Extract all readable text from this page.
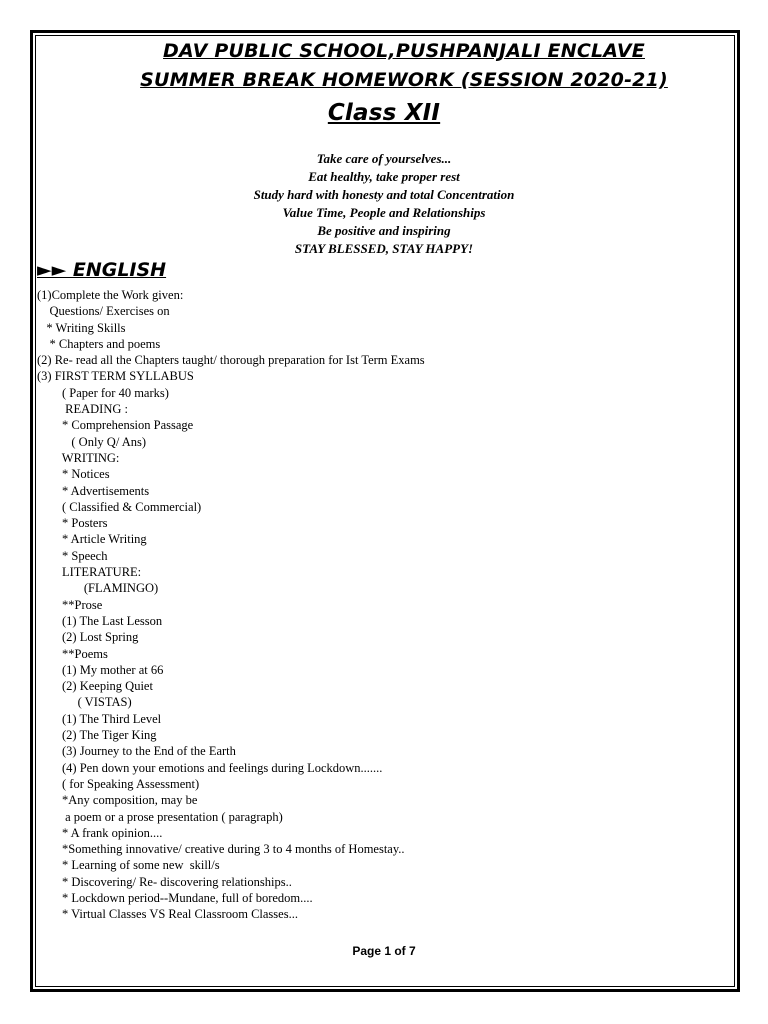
DAV PUBLIC SCHOOL,PUSHPANJALI ENCLAVE
SUMMER BREAK HOMEWORK (SESSION 2020-21)
Class XII
Take care of yourselves...
Eat healthy, take proper rest
Study hard with honesty and total Concentration
Value Time, People and Relationships
Be positive and inspiring
STAY BLESSED, STAY HAPPY!
►► ENGLISH
(1)Complete the Work given:
Questions/ Exercises on
* Writing Skills
* Chapters and poems
(2) Re- read all the Chapters taught/ thorough preparation for Ist Term Exams
(3) FIRST TERM SYLLABUS
( Paper for 40 marks)
READING :
* Comprehension Passage
( Only Q/ Ans)
WRITING:
* Notices
* Advertisements
( Classified & Commercial)
* Posters
* Article Writing
* Speech
LITERATURE:
(FLAMINGO)
**Prose
(1) The Last Lesson
(2) Lost Spring
**Poems
(1) My mother at 66
(2) Keeping Quiet
( VISTAS)
(1) The Third Level
(2) The Tiger King
(3) Journey to the End of the Earth
(4) Pen down your emotions and feelings during Lockdown.......
( for Speaking Assessment)
*Any composition, may be
a poem or a prose presentation ( paragraph)
* A frank opinion....
*Something innovative/ creative during 3 to 4 months of Homestay..
* Learning of some new  skill/s
* Discovering/ Re- discovering relationships..
* Lockdown period--Mundane, full of boredom....
* Virtual Classes VS Real Classroom Classes...
Page 1 of 7
